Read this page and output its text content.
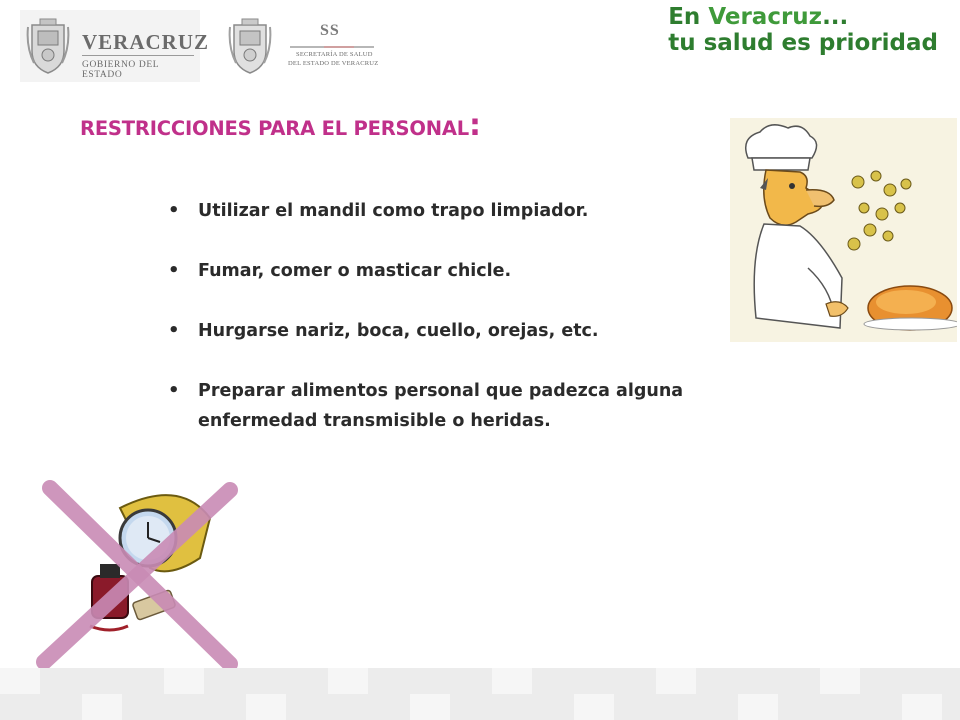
VERACRUZ
GOBIERNO DEL ESTADO
SS
SECRETARÍA DE SALUD
DEL ESTADO DE VERACRUZ
En Veracruz...
tu salud es prioridad
RESTRICCIONES PARA EL PERSONAL:
• Utilizar el mandil como trapo limpiador.
• Fumar, comer o masticar chicle.
• Hurgarse nariz, boca, cuello, orejas, etc.
• Preparar alimentos personal que padezca alguna enfermedad transmisible o heridas.
